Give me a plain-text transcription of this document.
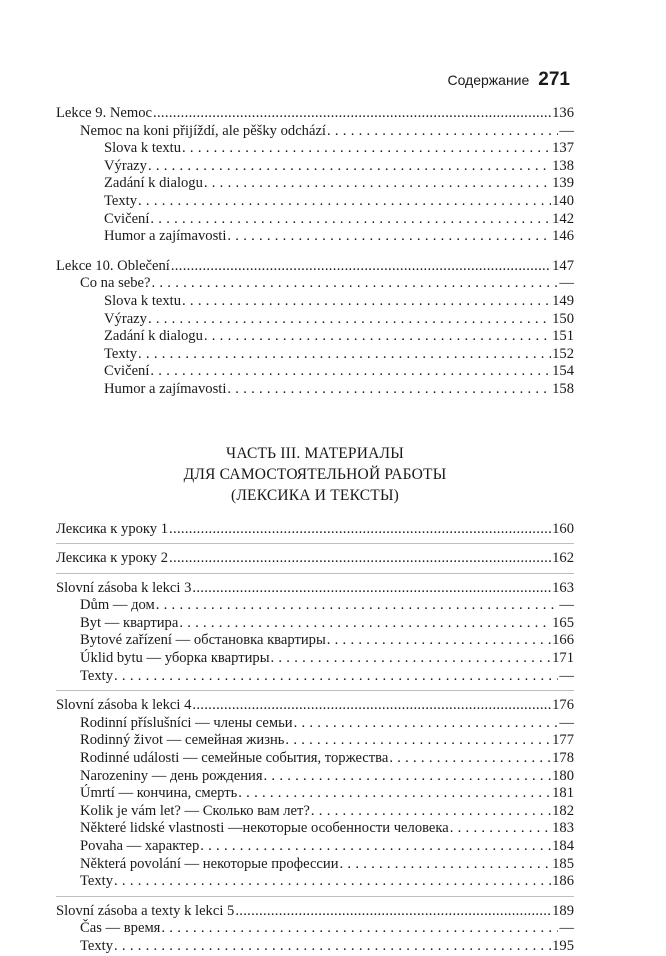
Содержание 271
Lekce 9. Nemoc .....	136
Nemoc na koni přijíždí, ale pěšky odchází . . .	—
Slova k textu . . .	137
Výrazy . . .	138
Zadání k dialogu . . .	139
Texty . . .	140
Cvičení . . .	142
Humor a zajímavosti . . .	146
Lekce 10. Oblečení .....	147
Co na sebe? . . .	—
Slova k textu . . .	149
Výrazy . . .	150
Zadání k dialogu . . .	151
Texty . . .	152
Cvičení . . .	154
Humor a zajímavosti . . .	158
ЧАСТЬ III. МАТЕРИАЛЫ
ДЛЯ САМОСТОЯТЕЛЬНОЙ РАБОТЫ
(ЛЕКСИКА И ТЕКСТЫ)
Лексика к уроку 1 .....	160
Лексика к уроку 2 .....	162
Slovní zásoba k lekci 3 .....	163
Dům — дом . . .	—
Byt — квартира . . .	165
Bytové zařízení — обстановка квартиры . . .	166
Úklid bytu — уборка квартиры . . .	171
Texty . . .	—
Slovní zásoba k lekci 4 .....	176
Rodinní příslušníci — члены семьи . . .	—
Rodinný život — семейная жизнь . . .	177
Rodinné události — семейные события, торжества . . .	178
Narozeniny — день рождения . . .	180
Úmrtí — кончина, смерть . . .	181
Kolik je vám let? — Сколько вам лет? . . .	182
Některé lidské vlastnosti —некоторые особенности человека . . .	183
Povaha — характер . . .	184
Některá povolání — некоторые профессии . . .	185
Texty . . .	186
Slovní zásoba a texty k lekci 5 .....	189
Čas — время . . .	—
Texty . . .	195
